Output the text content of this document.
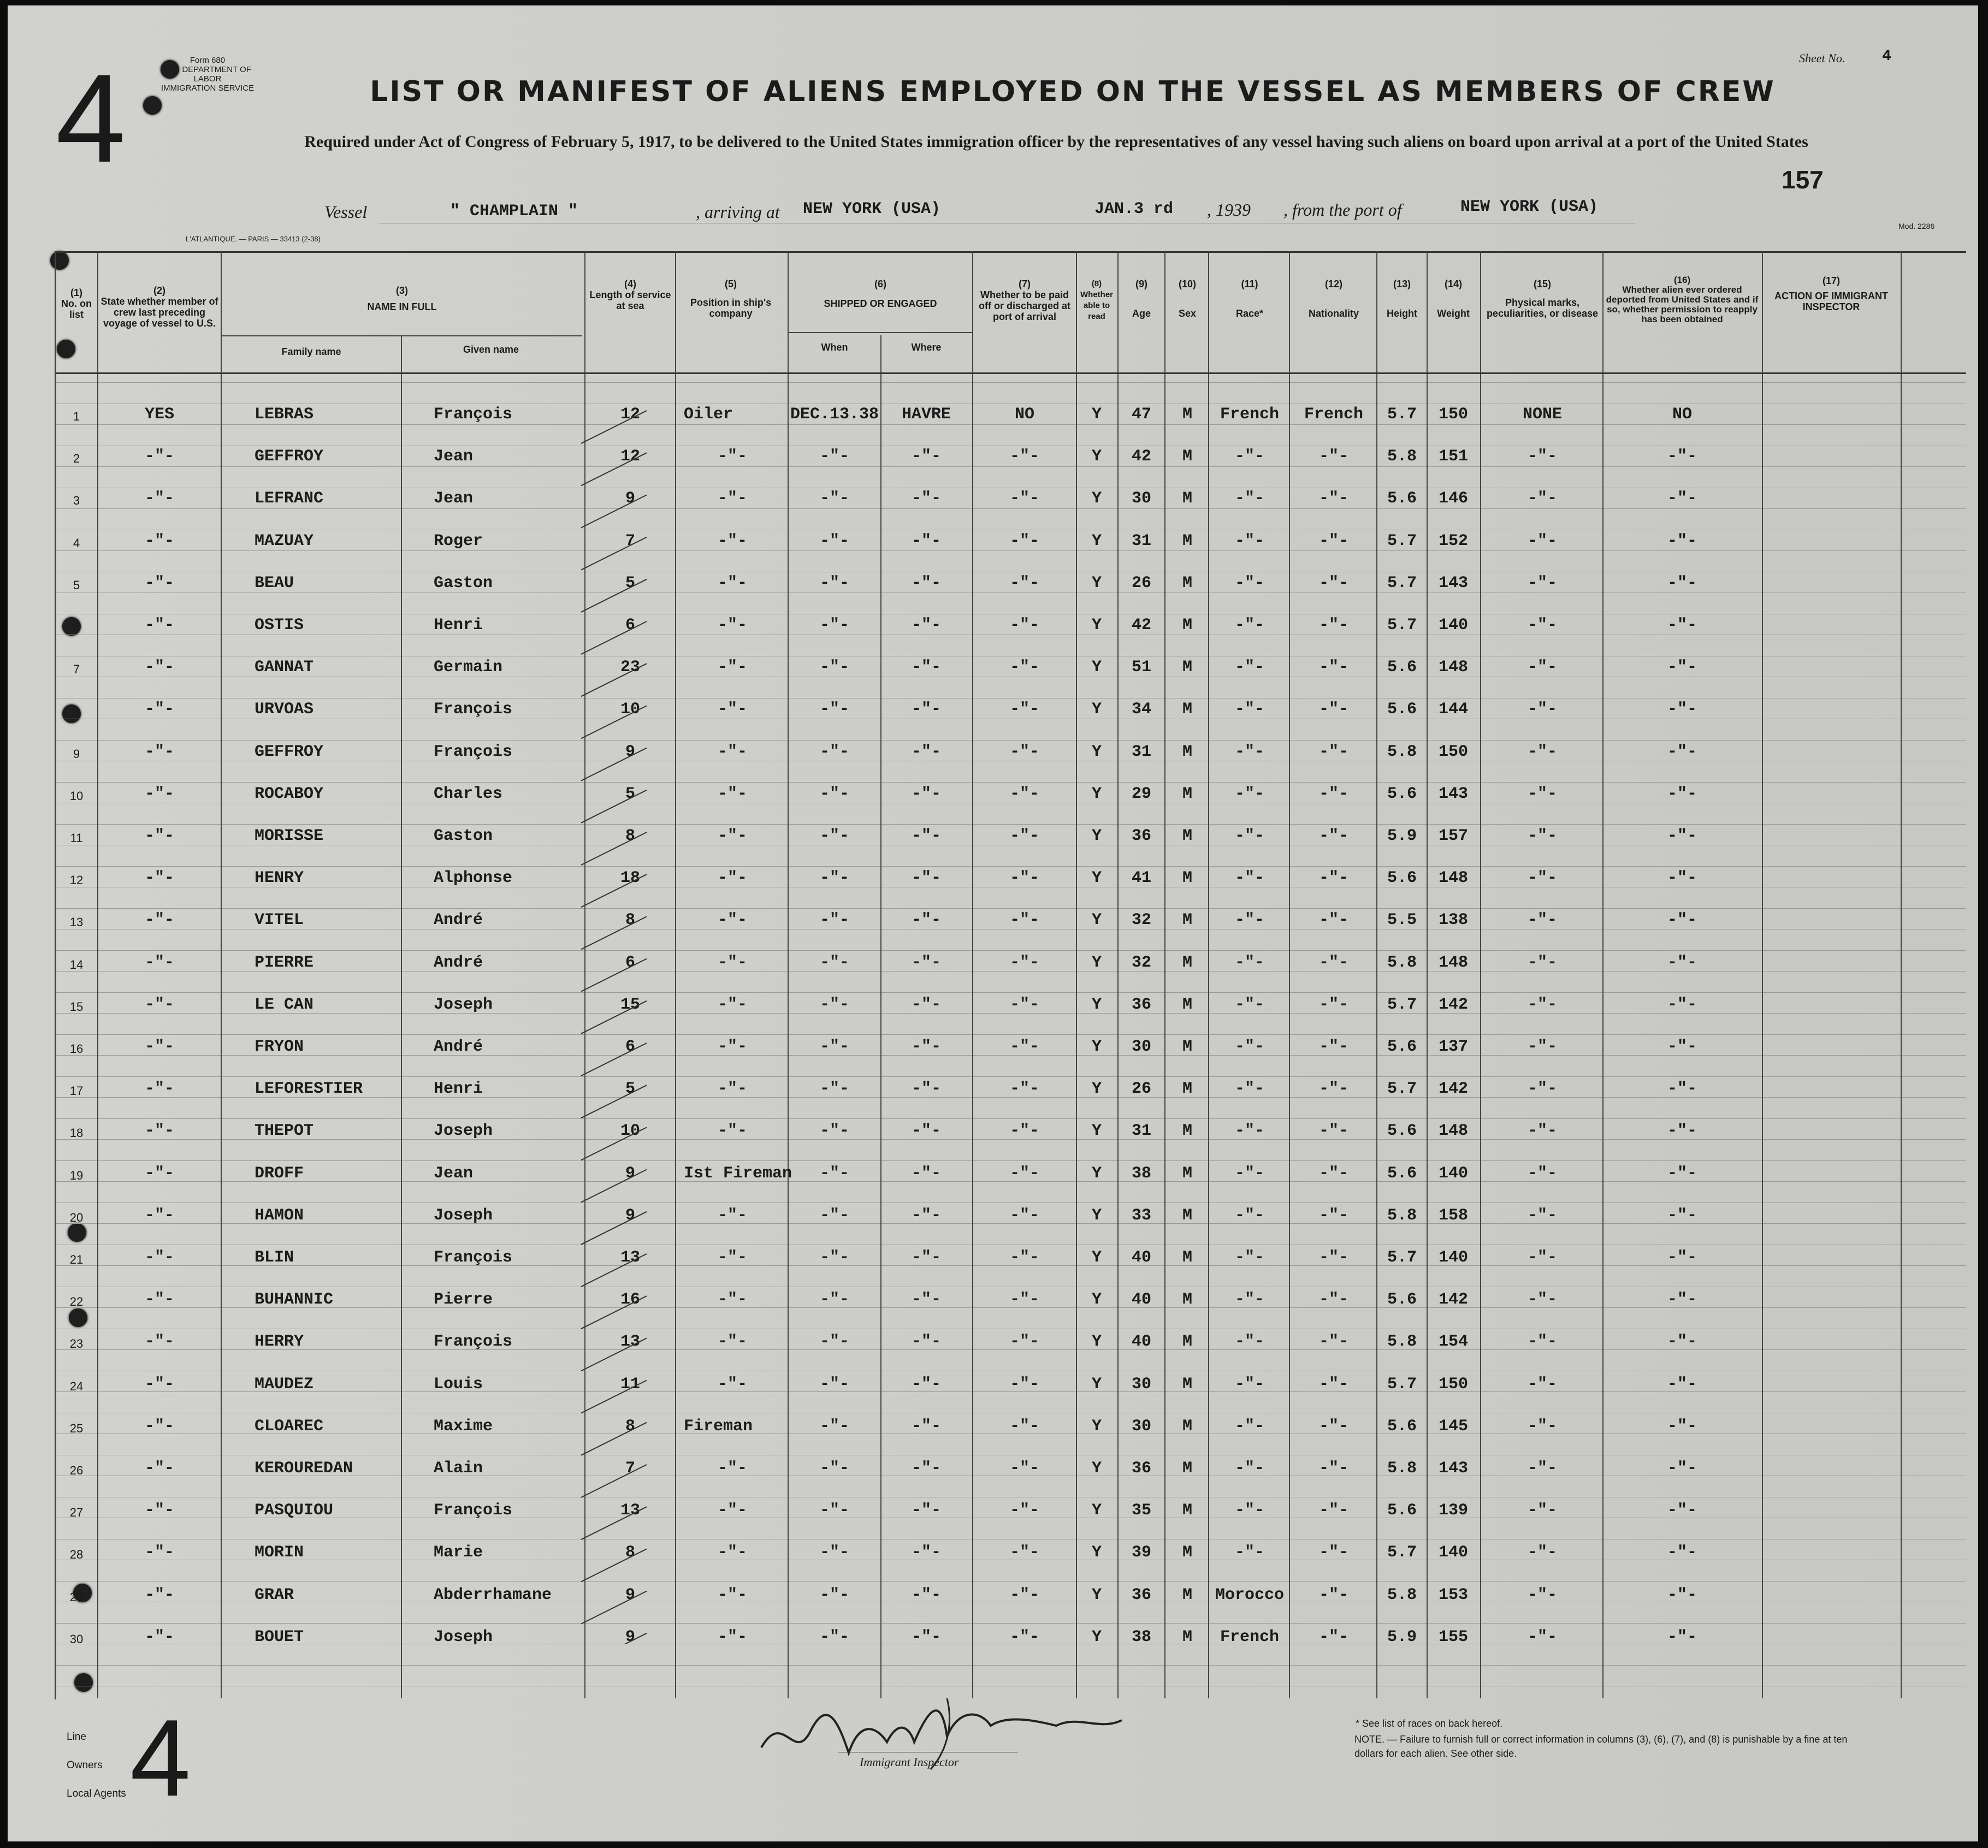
4	Form 680
U.S. DEPARTMENT OF LABOR
IMMIGRATION SERVICE
Sheet No. 4
LIST OR MANIFEST OF ALIENS EMPLOYED ON THE VESSEL AS MEMBERS OF CREW
Required under Act of Congress of February 5, 1917, to be delivered to the United States immigration officer by the representatives of any vessel having such aliens on board upon arrival at a port of the United States
157
Vessel	" CHAMPLAIN "	, arriving at NEW YORK (USA)	JAN.3 rd , 1939 , from the port of	NEW YORK (USA)
L'ATLANTIQUE. — PARIS — 33413 (2-38)
Mod. 2286
(1)
No. on list
(2)
State whether member of crew last preceding voyage of vessel to U.S.
(3)
NAME IN FULL
Family name	Given name
(4)
Length of service at sea
(5)
Position in ship's company
(6)
SHIPPED OR ENGAGED
When	Where
(7)
Whether to be paid off or discharged at port of arrival
(8)
Whether able to read
(9)
Age
(10)
Sex
(11)
Race*
(12)
Nationality
(13)
Height
(14)
Weight
(15)
Physical marks, peculiarities, or disease
(16)
Whether alien ever ordered deported from United States and if so, whether permission to reapply has been obtained
(17)
ACTION OF IMMIGRANT INSPECTOR
1	YES	LEBRAS	François	12	Oiler	DEC.13.38	HAVRE	NO	Y	47	M	French	French	5.7	150	NONE	NO
2	-"-	GEFFROY	Jean	12	-"-	-"-	-"-	-"-	Y	42	M	-"-	-"-	5.8	151	-"-	-"-
3	-"-	LEFRANC	Jean	9	-"-	-"-	-"-	-"-	Y	30	M	-"-	-"-	5.6	146	-"-	-"-
4	-"-	MAZUAY	Roger	7	-"-	-"-	-"-	-"-	Y	31	M	-"-	-"-	5.7	152	-"-	-"-
5	-"-	BEAU	Gaston	5	-"-	-"-	-"-	-"-	Y	26	M	-"-	-"-	5.7	143	-"-	-"-
6	-"-	OSTIS	Henri	6	-"-	-"-	-"-	-"-	Y	42	M	-"-	-"-	5.7	140	-"-	-"-
7	-"-	GANNAT	Germain	23	-"-	-"-	-"-	-"-	Y	51	M	-"-	-"-	5.6	148	-"-	-"-
8	-"-	URVOAS	François	10	-"-	-"-	-"-	-"-	Y	34	M	-"-	-"-	5.6	144	-"-	-"-
9	-"-	GEFFROY	François	9	-"-	-"-	-"-	-"-	Y	31	M	-"-	-"-	5.8	150	-"-	-"-
10	-"-	ROCABOY	Charles	5	-"-	-"-	-"-	-"-	Y	29	M	-"-	-"-	5.6	143	-"-	-"-
11	-"-	MORISSE	Gaston	8	-"-	-"-	-"-	-"-	Y	36	M	-"-	-"-	5.9	157	-"-	-"-
12	-"-	HENRY	Alphonse	18	-"-	-"-	-"-	-"-	Y	41	M	-"-	-"-	5.6	148	-"-	-"-
13	-"-	VITEL	André	8	-"-	-"-	-"-	-"-	Y	32	M	-"-	-"-	5.5	138	-"-	-"-
14	-"-	PIERRE	André	6	-"-	-"-	-"-	-"-	Y	32	M	-"-	-"-	5.8	148	-"-	-"-
15	-"-	LE CAN	Joseph	15	-"-	-"-	-"-	-"-	Y	36	M	-"-	-"-	5.7	142	-"-	-"-
16	-"-	FRYON	André	6	-"-	-"-	-"-	-"-	Y	30	M	-"-	-"-	5.6	137	-"-	-"-
17	-"-	LEFORESTIER	Henri	5	-"-	-"-	-"-	-"-	Y	26	M	-"-	-"-	5.7	142	-"-	-"-
18	-"-	THEPOT	Joseph	10	-"-	-"-	-"-	-"-	Y	31	M	-"-	-"-	5.6	148	-"-	-"-
19	-"-	DROFF	Jean	9	Ist Fireman	-"-	-"-	-"-	Y	38	M	-"-	-"-	5.6	140	-"-	-"-
20	-"-	HAMON	Joseph	9	-"-	-"-	-"-	-"-	Y	33	M	-"-	-"-	5.8	158	-"-	-"-
21	-"-	BLIN	François	13	-"-	-"-	-"-	-"-	Y	40	M	-"-	-"-	5.7	140	-"-	-"-
22	-"-	BUHANNIC	Pierre	16	-"-	-"-	-"-	-"-	Y	40	M	-"-	-"-	5.6	142	-"-	-"-
23	-"-	HERRY	François	13	-"-	-"-	-"-	-"-	Y	40	M	-"-	-"-	5.8	154	-"-	-"-
24	-"-	MAUDEZ	Louis	11	-"-	-"-	-"-	-"-	Y	30	M	-"-	-"-	5.7	150	-"-	-"-
25	-"-	CLOAREC	Maxime	8	Fireman	-"-	-"-	-"-	Y	30	M	-"-	-"-	5.6	145	-"-	-"-
26	-"-	KEROUREDAN	Alain	7	-"-	-"-	-"-	-"-	Y	36	M	-"-	-"-	5.8	143	-"-	-"-
27	-"-	PASQUIOU	François	13	-"-	-"-	-"-	-"-	Y	35	M	-"-	-"-	5.6	139	-"-	-"-
28	-"-	MORIN	Marie	8	-"-	-"-	-"-	-"-	Y	39	M	-"-	-"-	5.7	140	-"-	-"-
29	-"-	GRAR	Abderrhamane	9	-"-	-"-	-"-	-"-	Y	36	M	Morocco	-"-	5.8	153	-"-	-"-
30	-"-	BOUET	Joseph	9	-"-	-"-	-"-	-"-	Y	38	M	French	-"-	5.9	155	-"-	-"-
Line
Owners
Local Agents 4	Immigrant Inspector
* See list of races on back hereof.
NOTE. — Failure to furnish full or correct information in columns (3), (6), (7), and (8) is punishable by a fine at ten dollars for each alien. See other side.
